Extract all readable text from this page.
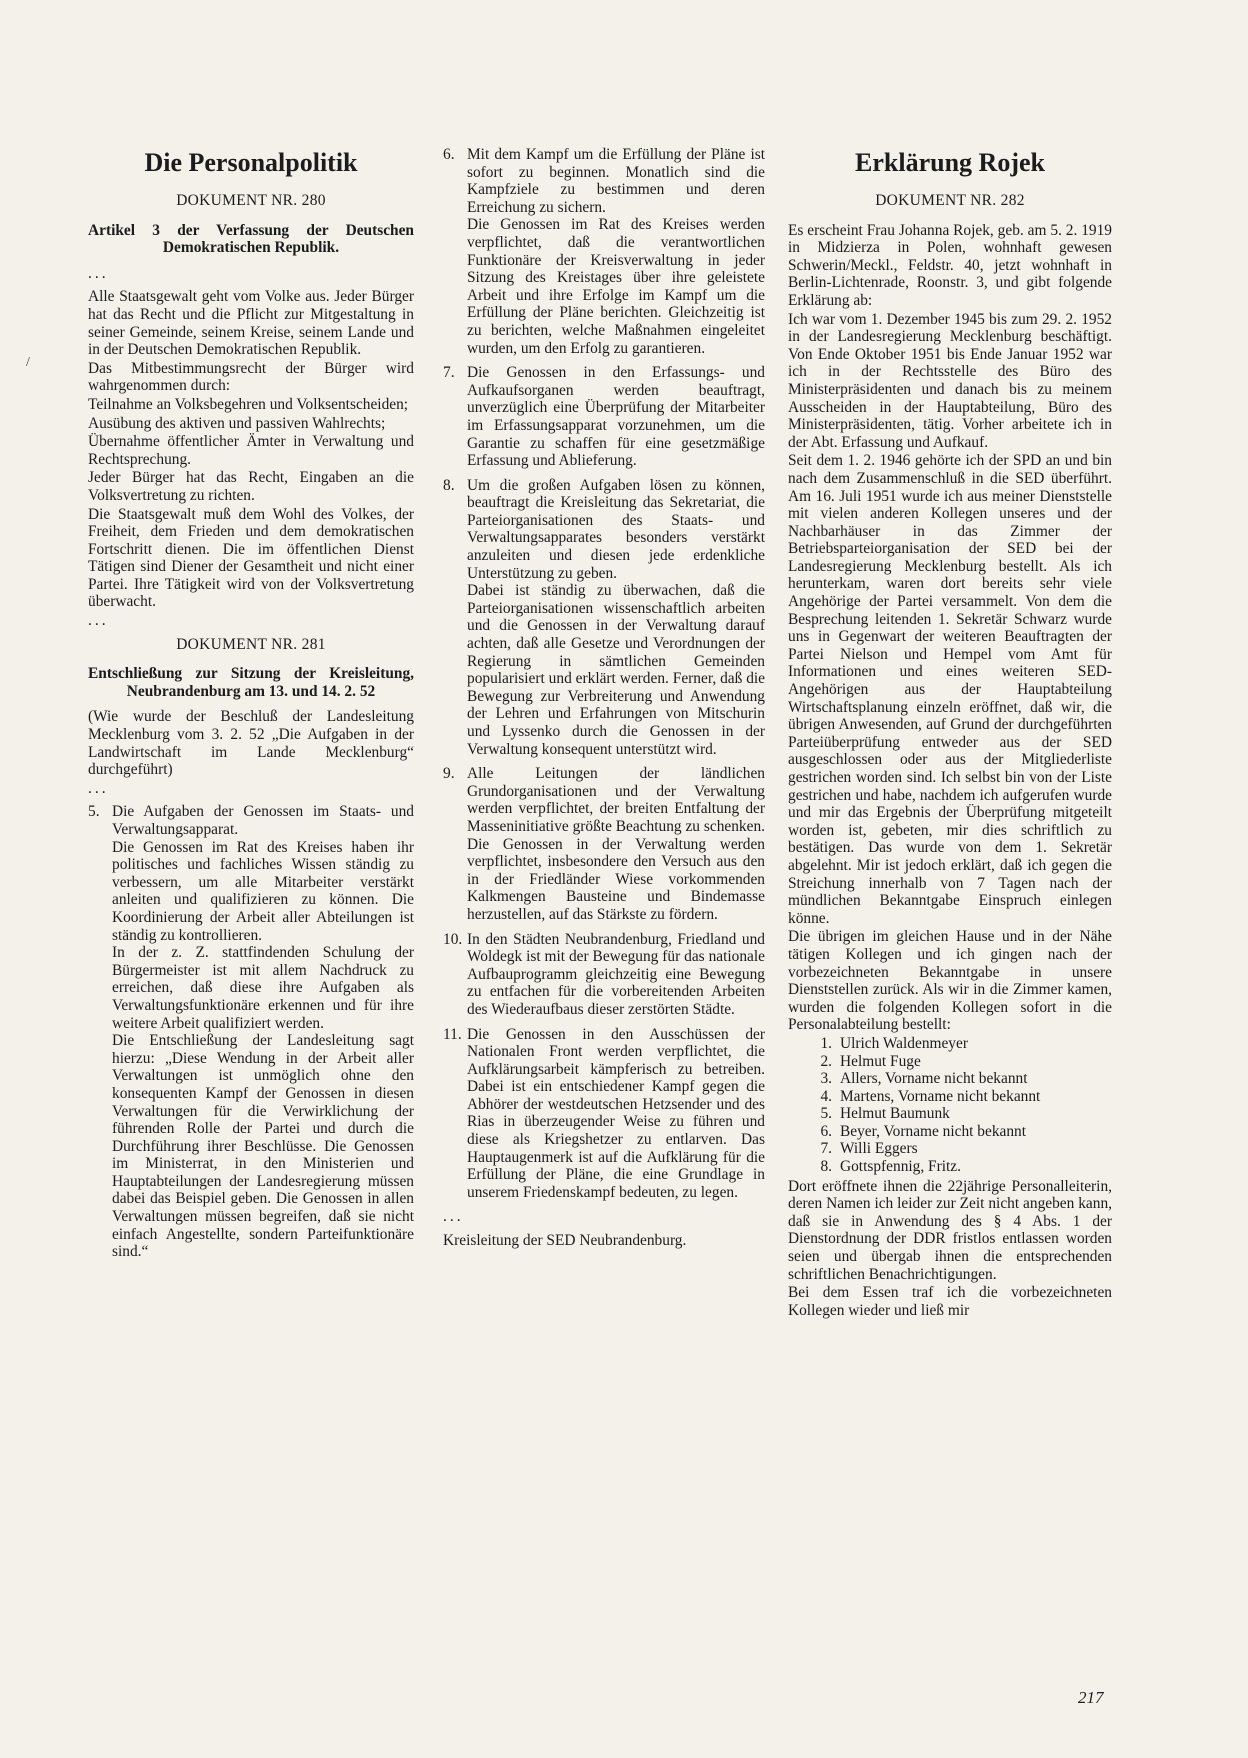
/
Die Personalpolitik
DOKUMENT NR. 280
Artikel 3 der Verfassung der Deutschen Demokratischen Republik.
...

Alle Staatsgewalt geht vom Volke aus. Jeder Bürger hat das Recht und die Pflicht zur Mitgestaltung in seiner Gemeinde, seinem Kreise, seinem Lande und in der Deutschen Demokratischen Republik.

Das Mitbestimmungsrecht der Bürger wird wahrgenommen durch:

Teilnahme an Volksbegehren und Volksentscheiden;

Ausübung des aktiven und passiven Wahlrechts;

Übernahme öffentlicher Ämter in Verwaltung und Rechtsprechung.

Jeder Bürger hat das Recht, Eingaben an die Volksvertretung zu richten.

Die Staatsgewalt muß dem Wohl des Volkes, der Freiheit, dem Frieden und dem demokratischen Fortschritt dienen. Die im öffentlichen Dienst Tätigen sind Diener der Gesamtheit und nicht einer Partei. Ihre Tätigkeit wird von der Volksvertretung überwacht.

...
DOKUMENT NR. 281
Entschließung zur Sitzung der Kreisleitung, Neubrandenburg am 13. und 14. 2. 52

(Wie wurde der Beschluß der Landesleitung Mecklenburg vom 3. 2. 52 „Die Aufgaben in der Landwirtschaft im Lande Mecklenburg“ durchgeführt)

...
5. Die Aufgaben der Genossen im Staats- und Verwaltungsapparat.

Die Genossen im Rat des Kreises haben ihr politisches und fachliches Wissen ständig zu verbessern, um alle Mitarbeiter verstärkt anleiten und qualifizieren zu können. Die Koordinierung der Arbeit aller Abteilungen ist ständig zu kontrollieren.

In der z. Z. stattfindenden Schulung der Bürgermeister ist mit allem Nachdruck zu erreichen, daß diese ihre Aufgaben als Verwaltungsfunktionäre erkennen und für ihre weitere Arbeit qualifiziert werden.

Die Entschließung der Landesleitung sagt hierzu: „Diese Wendung in der Arbeit aller Verwaltungen ist unmöglich ohne den konsequenten Kampf der Genossen in diesen Verwaltungen für die Verwirklichung der führenden Rolle der Partei und durch die Durchführung ihrer Beschlüsse. Die Genossen im Ministerrat, in den Ministerien und Hauptabteilungen der Landesregierung müssen dabei das Beispiel geben. Die Genossen in allen Verwaltungen müssen begreifen, daß sie nicht einfach Angestellte, sondern Parteifunktionäre sind.“

6. Mit dem Kampf um die Erfüllung der Pläne ist sofort zu beginnen. Monatlich sind die Kampfziele zu bestimmen und deren Erreichung zu sichern.

Die Genossen im Rat des Kreises werden verpflichtet, daß die verantwortlichen Funktionäre der Kreisverwaltung in jeder Sitzung des Kreistages über ihre geleistete Arbeit und ihre Erfolge im Kampf um die Erfüllung der Pläne berichten. Gleichzeitig ist zu berichten, welche Maßnahmen eingeleitet wurden, um den Erfolg zu garantieren.

7. Die Genossen in den Erfassungs- und Aufkaufsorganen werden beauftragt, unverzüglich eine Überprüfung der Mitarbeiter im Erfassungsapparat vorzunehmen, um die Garantie zu schaffen für eine gesetzmäßige Erfassung und Ablieferung.

8. Um die großen Aufgaben lösen zu können, beauftragt die Kreisleitung das Sekretariat, die Parteiorganisationen des Staats- und Verwaltungsapparates besonders verstärkt anzuleiten und diesen jede erdenkliche Unterstützung zu geben.

Dabei ist ständig zu überwachen, daß die Parteiorganisationen wissenschaftlich arbeiten und die Genossen in der Verwaltung darauf achten, daß alle Gesetze und Verordnungen der Regierung in sämtlichen Gemeinden popularisiert und erklärt werden. Ferner, daß die Bewegung zur Verbreiterung und Anwendung der Lehren und Erfahrungen von Mitschurin und Lyssenko durch die Genossen in der Verwaltung konsequent unterstützt wird.

9. Alle Leitungen der ländlichen Grundorganisationen und der Verwaltung werden verpflichtet, der breiten Entfaltung der Masseninitiative größte Beachtung zu schenken. Die Genossen in der Verwaltung werden verpflichtet, insbesondere den Versuch aus den in der Friedländer Wiese vorkommenden Kalkmengen Bausteine und Bindemasse herzustellen, auf das Stärkste zu fördern.

10. In den Städten Neubrandenburg, Friedland und Woldegk ist mit der Bewegung für das nationale Aufbauprogramm gleichzeitig eine Bewegung zu entfachen für die vorbereitenden Arbeiten des Wiederaufbaus dieser zerstörten Städte.

11. Die Genossen in den Ausschüssen der Nationalen Front werden verpflichtet, die Aufklärungsarbeit kämpferisch zu betreiben. Dabei ist ein entschiedener Kampf gegen die Abhörer der westdeutschen Hetzsender und des Rias in überzeugender Weise zu führen und diese als Kriegshetzer zu entlarven. Das Hauptaugenmerk ist auf die Aufklärung für die Erfüllung der Pläne, die eine Grundlage in unserem Friedenskampf bedeuten, zu legen.

...

Kreisleitung der SED Neubrandenburg.

Erklärung Rojek
DOKUMENT NR. 282

Es erscheint Frau Johanna Rojek, geb. am 5. 2. 1919 in Midzierza in Polen, wohnhaft gewesen Schwerin/Meckl., Feldstr. 40, jetzt wohnhaft in Berlin-Lichtenrade, Roonstr. 3, und gibt folgende Erklärung ab:

Ich war vom 1. Dezember 1945 bis zum 29. 2. 1952 in der Landesregierung Mecklenburg beschäftigt. Von Ende Oktober 1951 bis Ende Januar 1952 war ich in der Rechtsstelle des Büro des Ministerpräsidenten und danach bis zu meinem Ausscheiden in der Hauptabteilung, Büro des Ministerpräsidenten, tätig. Vorher arbeitete ich in der Abt. Erfassung und Aufkauf.

Seit dem 1. 2. 1946 gehörte ich der SPD an und bin nach dem Zusammenschluß in die SED überführt. Am 16. Juli 1951 wurde ich aus meiner Dienststelle mit vielen anderen Kollegen unseres und der Nachbarhäuser in das Zimmer der Betriebsparteiorganisation der SED bei der Landesregierung Mecklenburg bestellt. Als ich herunterkam, waren dort bereits sehr viele Angehörige der Partei versammelt. Von dem die Besprechung leitenden 1. Sekretär Schwarz wurde uns in Gegenwart der weiteren Beauftragten der Partei Nielson und Hempel vom Amt für Informationen und eines weiteren SED-Angehörigen aus der Hauptabteilung Wirtschaftsplanung einzeln eröffnet, daß wir, die übrigen Anwesenden, auf Grund der durchgeführten Parteiüberprüfung entweder aus der SED ausgeschlossen oder aus der Mitgliederliste gestrichen worden sind. Ich selbst bin von der Liste gestrichen und habe, nachdem ich aufgerufen wurde und mir das Ergebnis der Überprüfung mitgeteilt worden ist, gebeten, mir dies schriftlich zu bestätigen. Das wurde von dem 1. Sekretär abgelehnt. Mir ist jedoch erklärt, daß ich gegen die Streichung innerhalb von 7 Tagen nach der mündlichen Bekanntgabe Einspruch einlegen könne.

Die übrigen im gleichen Hause und in der Nähe tätigen Kollegen und ich gingen nach der vorbezeichneten Bekanntgabe in unsere Dienststellen zurück. Als wir in die Zimmer kamen, wurden die folgenden Kollegen sofort in die Personalabteilung bestellt:

1. Ulrich Waldenmeyer
2. Helmut Fuge
3. Allers, Vorname nicht bekannt
4. Martens, Vorname nicht bekannt
5. Helmut Baumunk
6. Beyer, Vorname nicht bekannt
7. Willi Eggers
8. Gottspfennig, Fritz.

Dort eröffnete ihnen die 22jährige Personalleiterin, deren Namen ich leider zur Zeit nicht angeben kann, daß sie in Anwendung des § 4 Abs. 1 der Dienstordnung der DDR fristlos entlassen worden seien und übergab ihnen die entsprechenden schriftlichen Benachrichtigungen.

Bei dem Essen traf ich die vorbezeichneten Kollegen wieder und ließ mir

217
